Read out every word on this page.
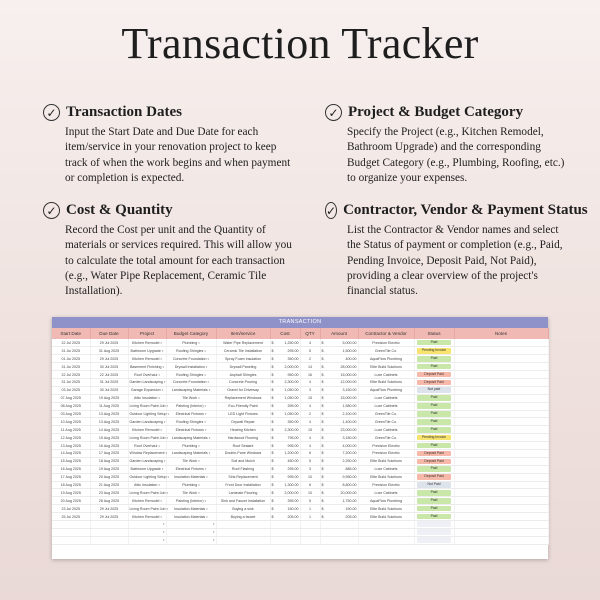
Transaction Tracker
✓ Transaction Dates

Input the Start Date and Due Date for each item/service in your renovation project to keep track of when the work begins and when payment or completion is expected.

✓ Project & Budget Category

Specify the Project (e.g., Kitchen Remodel, Bathroom Upgrade) and the corresponding Budget Category (e.g., Plumbing, Roofing, etc.) to organize your expenses.

✓ Cost & Quantity

Record the Cost per unit and the Quantity of materials or services required. This will allow you to calculate the total amount for each transaction (e.g., Water Pipe Replacement, Ceramic Tile Installation).

✓ Contractor, Vendor & Payment Status

List the Contractor & Vendor names and select the Status of payment or completion (e.g., Paid, Pending Invoice, Deposit Paid, Not Paid), providing a clear overview of the project's financial status.

TRANSACTION
Start Date	Due Date	Project	Budget Category	Item/service	Cost	QTY	Amount	Contractor & Vendor	Status	Notes
22 Jul 2025	29 Jul 2025	Kitchen Remodel▾	Plumbing▾	Water Pipe Replacement	$ 1,250.00	4	$ 5,000.00	Precision Electric	Paid	
31 Jul 2025	31 Aug 2025	Bathroom Upgrade▾	Roofing Shingles▾	Ceramic Tile Installation	$ 295.00	5	$ 1,500.00	GreenTile Co.	Pending Invoice	
01 Jul 2025	29 Jul 2025	Kitchen Remodel▾	Concrete Foundation▾	Spray Foam Insulation	$ 350.00	2	$ 400.00	AquaFlow Plumbing	Paid	
31 Jul 2025	30 Jul 2025	Basement Finishing▾	Drywall Installation▾	Drywall Paneling	$ 2,000.00	14	$ 28,000.00	Elite Build Solutions	Paid	
22 Jul 2025	22 Jul 2025	Roof Overhaul▾	Roofing Shingles▾	Asphalt Shingles	$ 950.00	16	$ 15,000.00	Luxe Cabinets	Deposit Paid	
31 Jul 2025	31 Jul 2025	Garden Landscaping▾	Concrete Foundation▾	Concrete Pouring	$ 2,300.00	4	$ 12,000.00	Elite Build Solutions	Deposit Paid	
03 Jul 2025	30 Jul 2025	Garage Expansion▾	Landscaping Materials▾	Gravel for Driveway	$ 1,050.00	3	$ 3,150.00	AquaFlow Plumbing	Not paid	
07 Aug 2025	19 Aug 2025	Attic Insulation▾	Tile Work▾	Replacement Windows	$ 1,050.00	15	$ 15,000.00	Luxe Cabinets	Paid	
08 Aug 2025	11 Aug 2025	Living Room Paint Job▾	Painting (Interior)▾	Eco-Friendly Paint	$ 395.00	4	$ 1,580.00	Luxe Cabinets	Paid	
03 Aug 2025	13 Aug 2025	Outdoor Lighting Setup▾	Electrical Fixtures▾	LED Light Fixtures	$ 1,050.00	2	$ 2,100.00	GreenTile Co.	Paid	
10 Aug 2025	13 Aug 2025	Garden Landscaping▾	Roofing Shingles▾	Drywall Repair	$ 350.00	4	$ 1,400.00	GreenTile Co.	Paid	
11 Aug 2025	14 Aug 2025	Kitchen Remodel▾	Electrical Fixtures▾	Heating Kitchen	$ 2,300.00	15	$ 23,000.00	Luxe Cabinets	Paid	
12 Aug 2025	15 Aug 2025	Living Room Paint Job▾	Landscaping Materials▾	Hardwood Flooring	$ 795.00	4	$ 3,180.00	GreenTile Co.	Pending Invoice	
13 Aug 2025	16 Aug 2025	Roof Overhaul▾	Plumbing▾	Roof Sealant	$ 995.00	4	$ 4,000.00	Precision Electric	Paid	
14 Aug 2025	17 Aug 2025	Window Replacement▾	Landscaping Materials▾	Double-Pane Windows	$ 1,200.00	6	$ 7,200.00	Precision Electric	Deposit Paid	
15 Aug 2025	18 Aug 2025	Garden Landscaping▾	Tile Work▾	Soil and Mulch	$ 450.00	5	$ 2,250.00	Elite Build Solutions	Deposit Paid	
16 Aug 2025	19 Aug 2025	Bathroom Upgrade▾	Electrical Fixtures▾	Roof Flashing	$ 295.00	3	$ 885.00	Luxe Cabinets	Paid	
17 Aug 2025	20 Aug 2025	Outdoor Lighting Setup▾	Insulation Materials▾	Sink Replacement	$ 995.00	10	$ 9,950.00	Elite Build Solutions	Deposit Paid	
18 Aug 2025	21 Aug 2025	Attic Insulation▾	Plumbing▾	Front Door Installation	$ 1,300.00	6	$ 8,800.00	Precision Electric	Not Paid	
19 Aug 2025	23 Aug 2025	Living Room Paint Job▾	Tile Work▾	Laminate Flooring	$ 2,000.00	10	$ 20,000.00	Luxe Cabinets	Paid	
20 Aug 2025	26 Aug 2025	Kitchen Remodel▾	Painting (Interior)▾	Sink and Faucet Installation	$ 395.00	5	$ 1,750.00	AquaFlow Plumbing	Paid	
23 Jul 2025	29 Jul 2025	Living Room Paint Job▾	Insulation Materials▾	Buying a sink	$ 150.00	1	$ 150.00	Elite Build Solutions	Paid	
25 Jul 2025	29 Jul 2025	Kitchen Remodel▾	Insulation Materials▾	Buying a faucet	$ 205.00	1	$ 205.00	Elite Build Solutions	Paid	

		▾	▾							

		▾	▾							

		▾	▾							
